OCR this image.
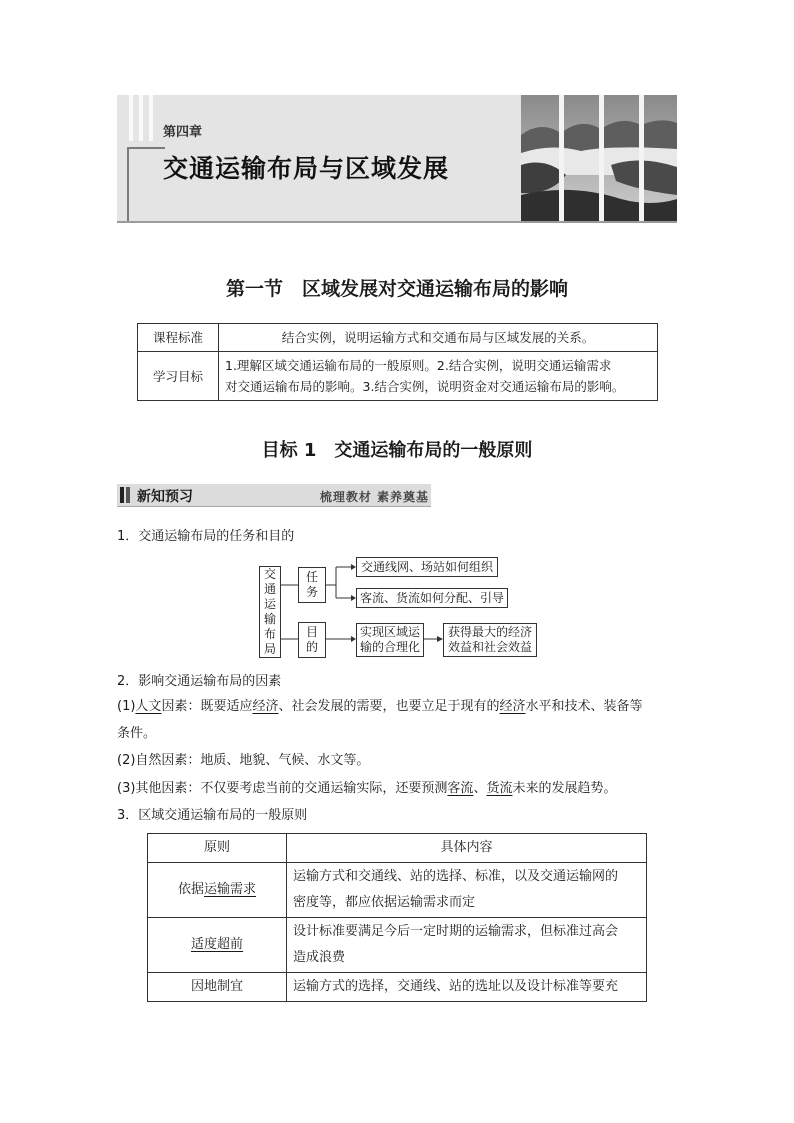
第四章
交通运输布局与区域发展
第一节　区域发展对交通运输布局的影响
课程标准	结合实例，说明运输方式和交通布局与区域发展的关系。
学习目标	1.理解区域交通运输布局的一般原则。2.结合实例，说明交通运输需求
对交通运输布局的影响。3.结合实例，说明资金对交通运输布局的影响。
目标 1　交通运输布局的一般原则
新知预习	梳理教材 素养奠基
1．交通运输布局的任务和目的
交
通
运
输
布
局
任
务
目
的
交通线网、场站如何组织
客流、货流如何分配、引导
实现区域运
输的合理化
获得最大的经济
效益和社会效益
2．影响交通运输布局的因素
(1)人文因素：既要适应经济、社会发展的需要，也要立足于现有的经济水平和技术、装备等
条件。
(2)自然因素：地质、地貌、气候、水文等。
(3)其他因素：不仅要考虑当前的交通运输实际，还要预测客流、货流未来的发展趋势。
3．区域交通运输布局的一般原则
原则	具体内容
依据运输需求	运输方式和交通线、站的选择、标准，以及交通运输网的
密度等，都应依据运输需求而定

适度超前	设计标准要满足今后一定时期的运输需求，但标准过高会
造成浪费

因地制宜	运输方式的选择，交通线、站的选址以及设计标准等要充
